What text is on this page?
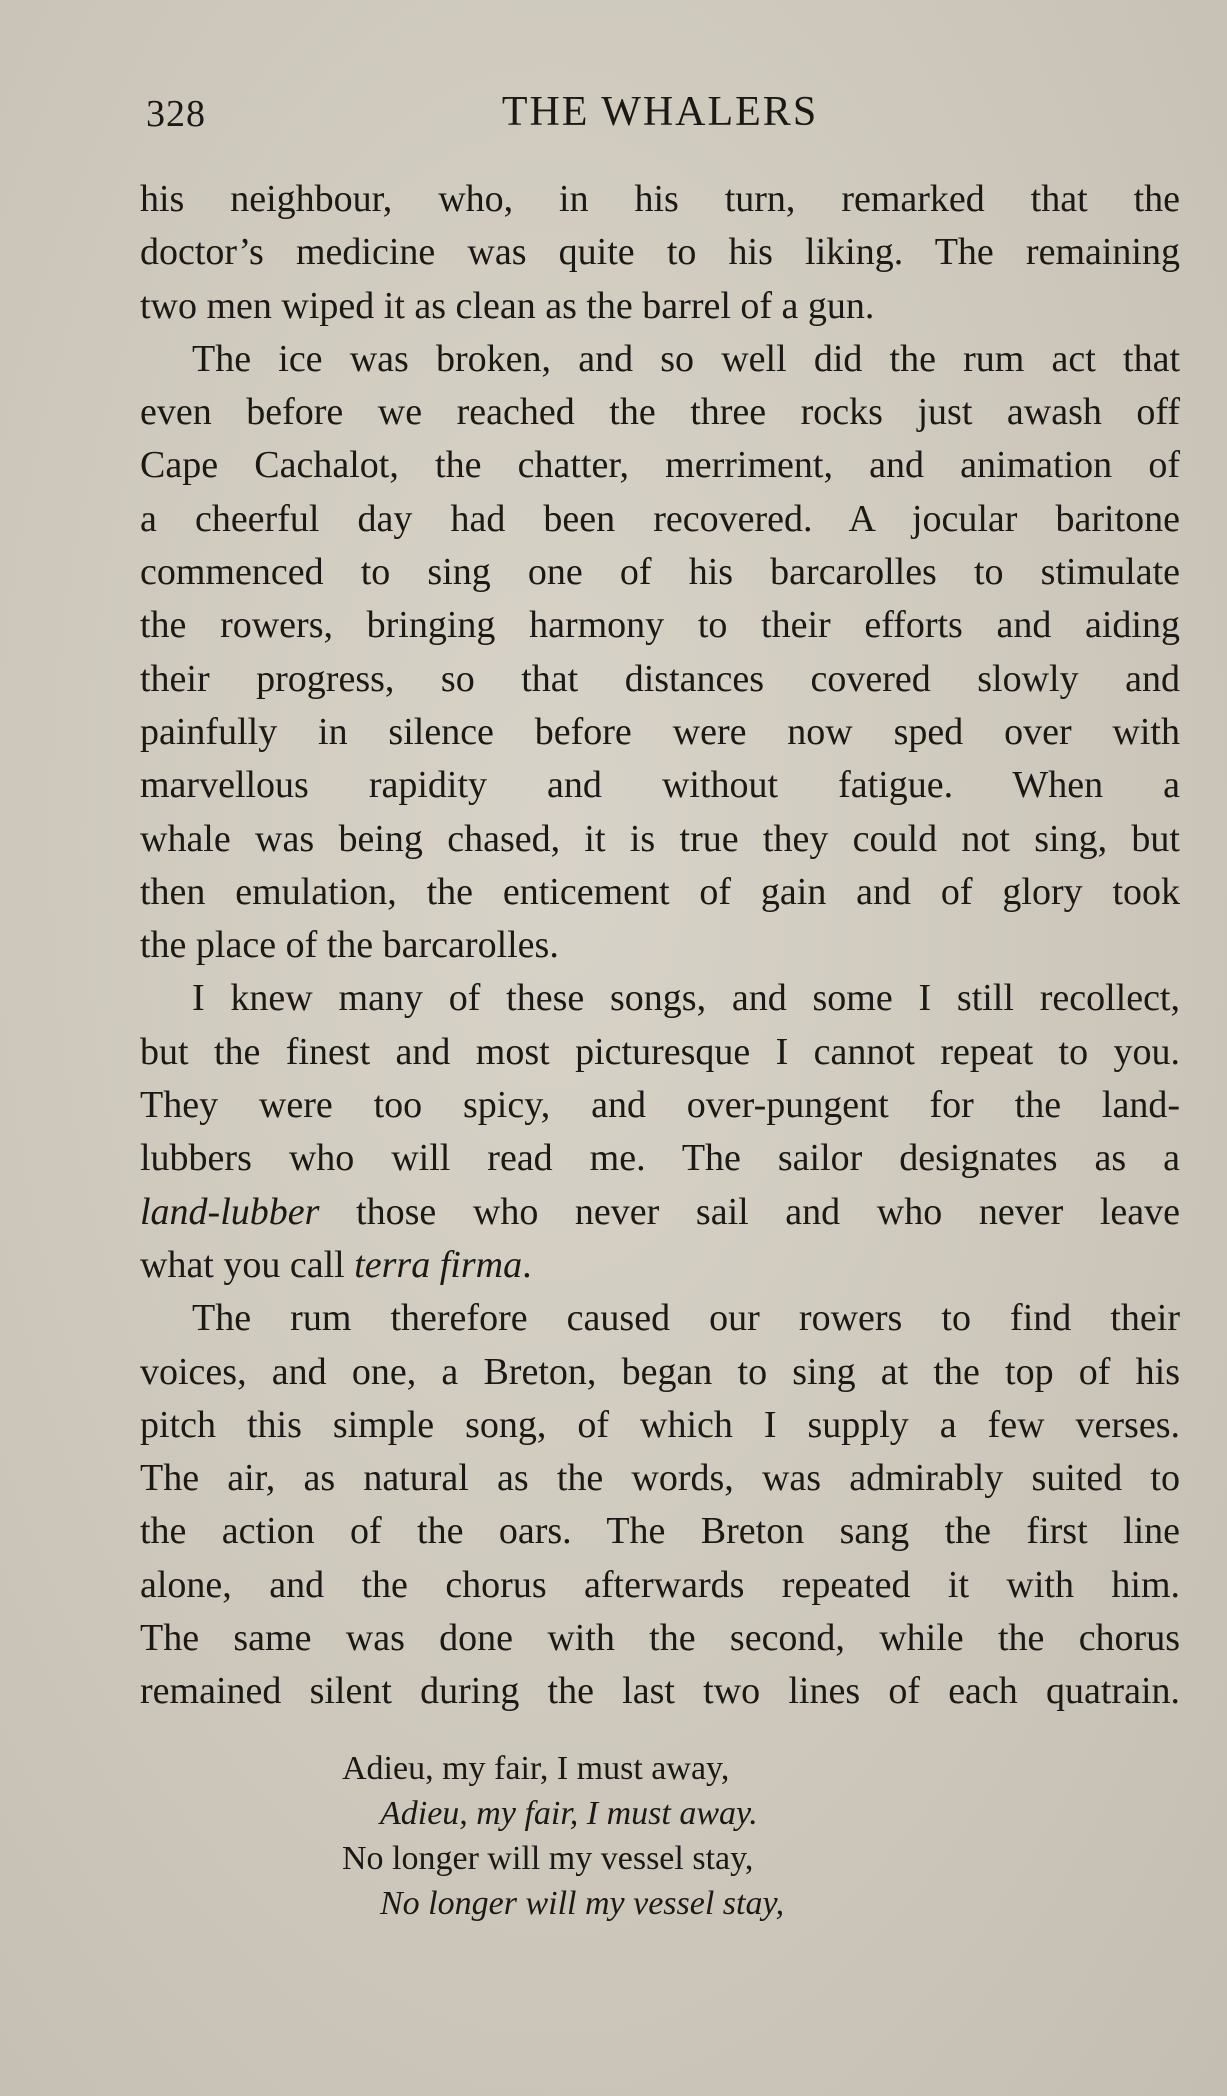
328	THE WHALERS
his neighbour, who, in his turn, remarked that the
doctor’s medicine was quite to his liking. The remaining
two men wiped it as clean as the barrel of a gun.
The ice was broken, and so well did the rum act that
even before we reached the three rocks just awash off
Cape Cachalot, the chatter, merriment, and animation of
a cheerful day had been recovered. A jocular baritone
commenced to sing one of his barcarolles to stimulate
the rowers, bringing harmony to their efforts and aiding
their progress, so that distances covered slowly and
painfully in silence before were now sped over with
marvellous rapidity and without fatigue. When a
whale was being chased, it is true they could not sing, but
then emulation, the enticement of gain and of glory took
the place of the barcarolles.
I knew many of these songs, and some I still recollect,
but the finest and most picturesque I cannot repeat to you.
They were too spicy, and over-pungent for the land-
lubbers who will read me. The sailor designates as a
land-lubber those who never sail and who never leave
what you call terra firma.
The rum therefore caused our rowers to find their
voices, and one, a Breton, began to sing at the top of his
pitch this simple song, of which I supply a few verses.
The air, as natural as the words, was admirably suited to
the action of the oars. The Breton sang the first line
alone, and the chorus afterwards repeated it with him.
The same was done with the second, while the chorus
remained silent during the last two lines of each quatrain.
Adieu, my fair, I must away,
Adieu, my fair, I must away.
No longer will my vessel stay,
No longer will my vessel stay,
